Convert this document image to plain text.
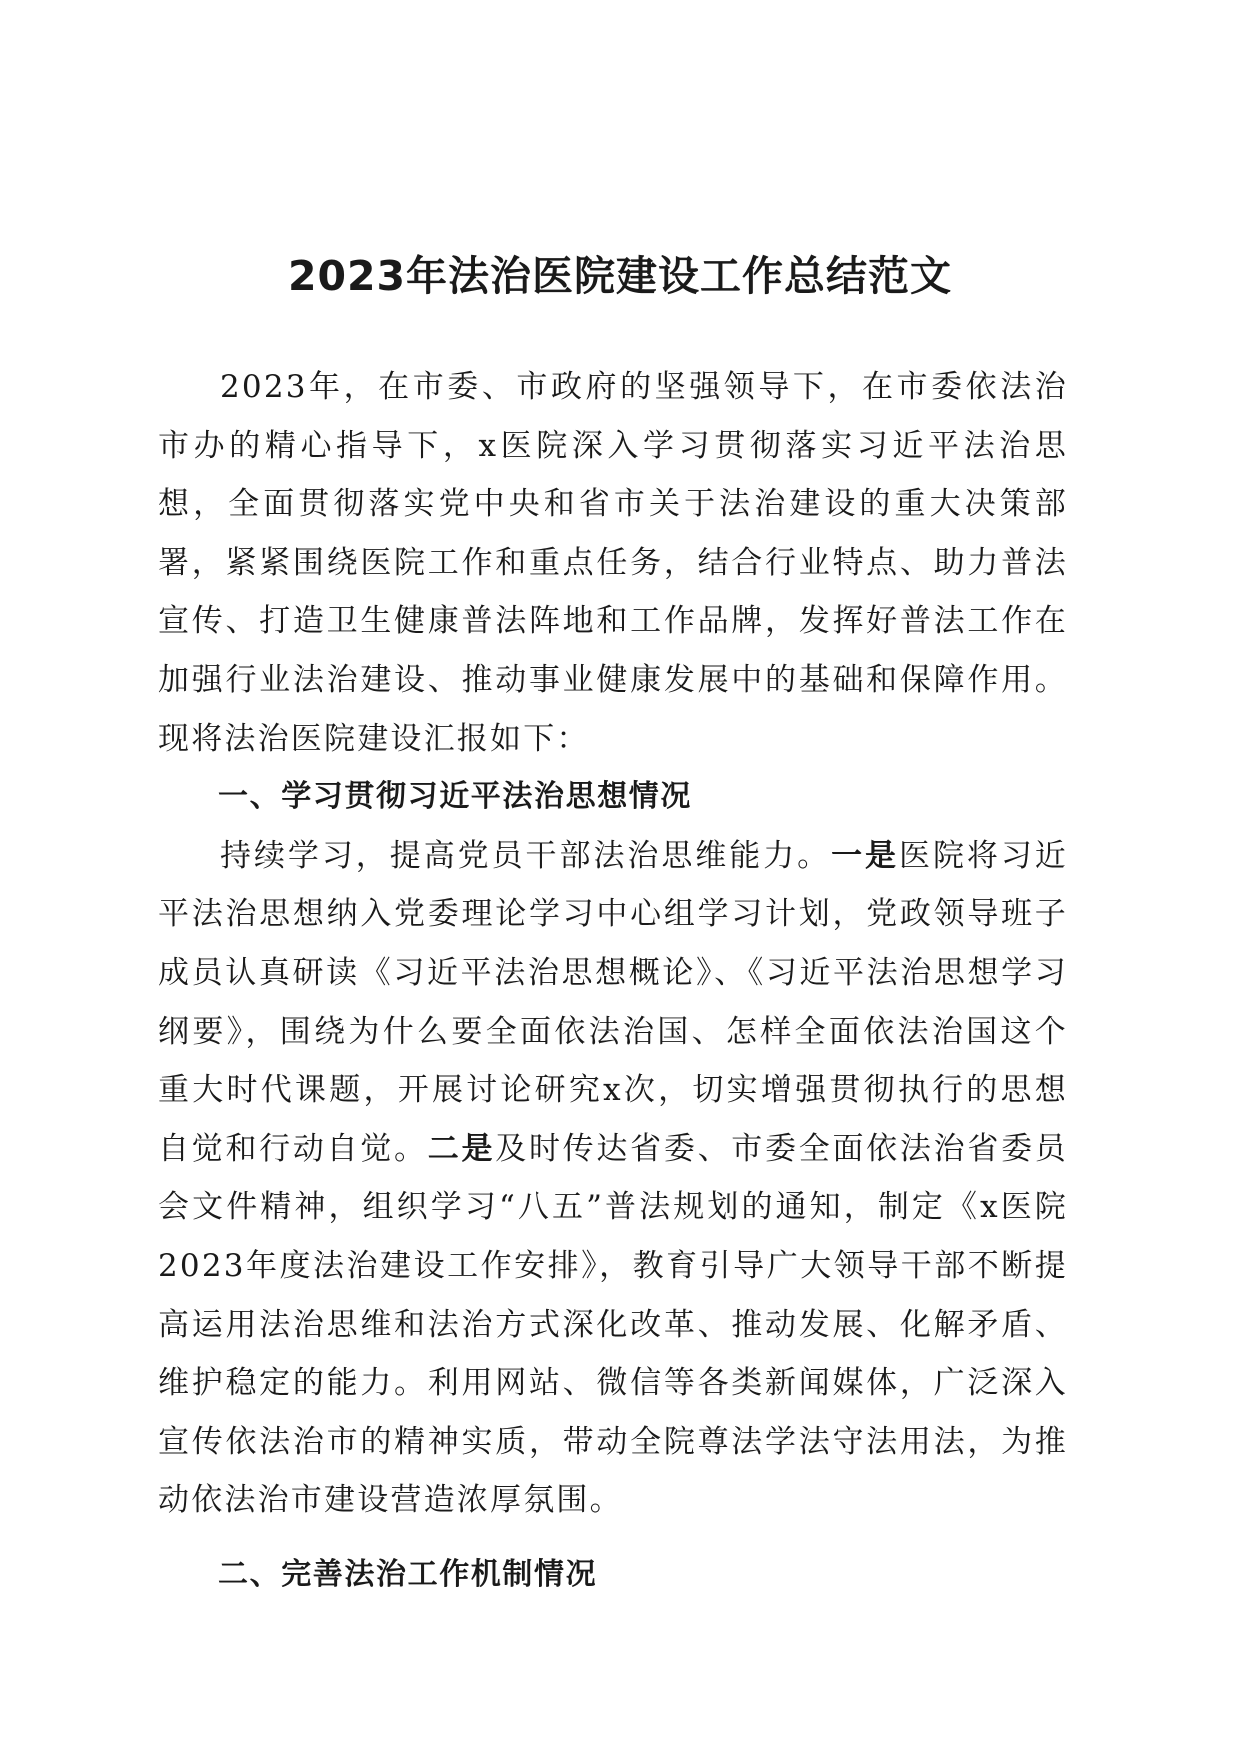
2023年法治医院建设工作总结范文

2023年，在市委、市政府的坚强领导下，在市委依法治市办的精心指导下，x医院深入学习贯彻落实习近平法治思想，全面贯彻落实党中央和省市关于法治建设的重大决策部署，紧紧围绕医院工作和重点任务，结合行业特点、助力普法宣传、打造卫生健康普法阵地和工作品牌，发挥好普法工作在加强行业法治建设、推动事业健康发展中的基础和保障作用。现将法治医院建设汇报如下：

一、学习贯彻习近平法治思想情况

持续学习，提高党员干部法治思维能力。一是医院将习近平法治思想纳入党委理论学习中心组学习计划，党政领导班子成员认真研读《习近平法治思想概论》、《习近平法治思想学习纲要》，围绕为什么要全面依法治国、怎样全面依法治国这个重大时代课题，开展讨论研究x次，切实增强贯彻执行的思想自觉和行动自觉。二是及时传达省委、市委全面依法治省委员会文件精神，组织学习“八五”普法规划的通知，制定《x医院2023年度法治建设工作安排》，教育引导广大领导干部不断提高运用法治思维和法治方式深化改革、推动发展、化解矛盾、维护稳定的能力。利用网站、微信等各类新闻媒体，广泛深入宣传依法治市的精神实质，带动全院尊法学法守法用法，为推动依法治市建设营造浓厚氛围。

二、完善法治工作机制情况
